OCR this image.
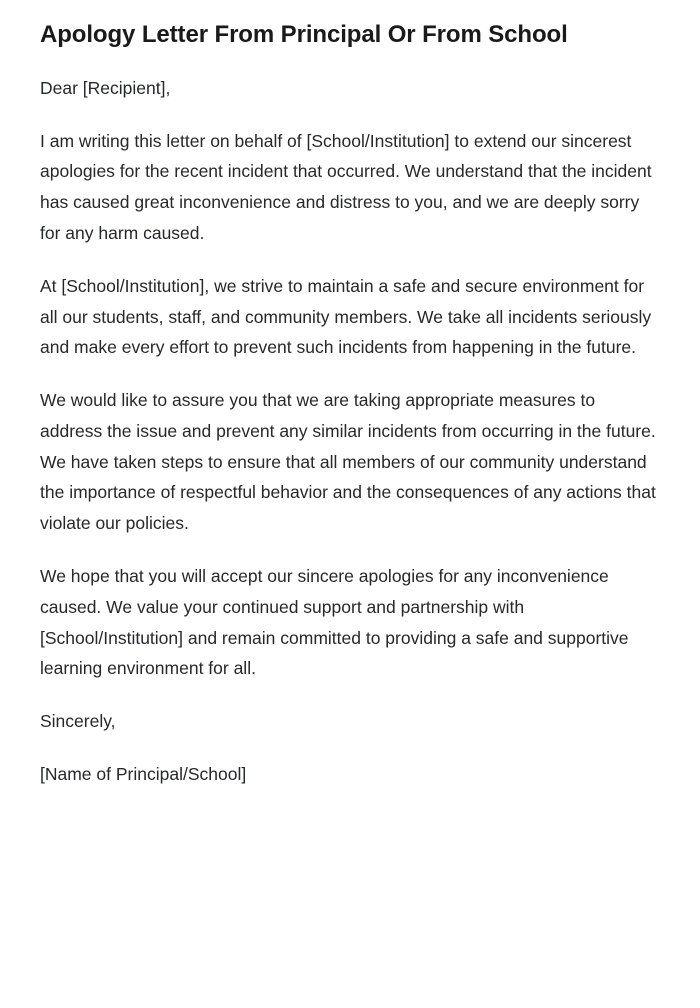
Apology Letter From Principal Or From School

Dear [Recipient],

I am writing this letter on behalf of [School/Institution] to extend our sincerest apologies for the recent incident that occurred. We understand that the incident has caused great inconvenience and distress to you, and we are deeply sorry for any harm caused.

At [School/Institution], we strive to maintain a safe and secure environment for all our students, staff, and community members. We take all incidents seriously and make every effort to prevent such incidents from happening in the future.

We would like to assure you that we are taking appropriate measures to address the issue and prevent any similar incidents from occurring in the future. We have taken steps to ensure that all members of our community understand the importance of respectful behavior and the consequences of any actions that violate our policies.

We hope that you will accept our sincere apologies for any inconvenience caused. We value your continued support and partnership with [School/Institution] and remain committed to providing a safe and supportive learning environment for all.

Sincerely,

[Name of Principal/School]
